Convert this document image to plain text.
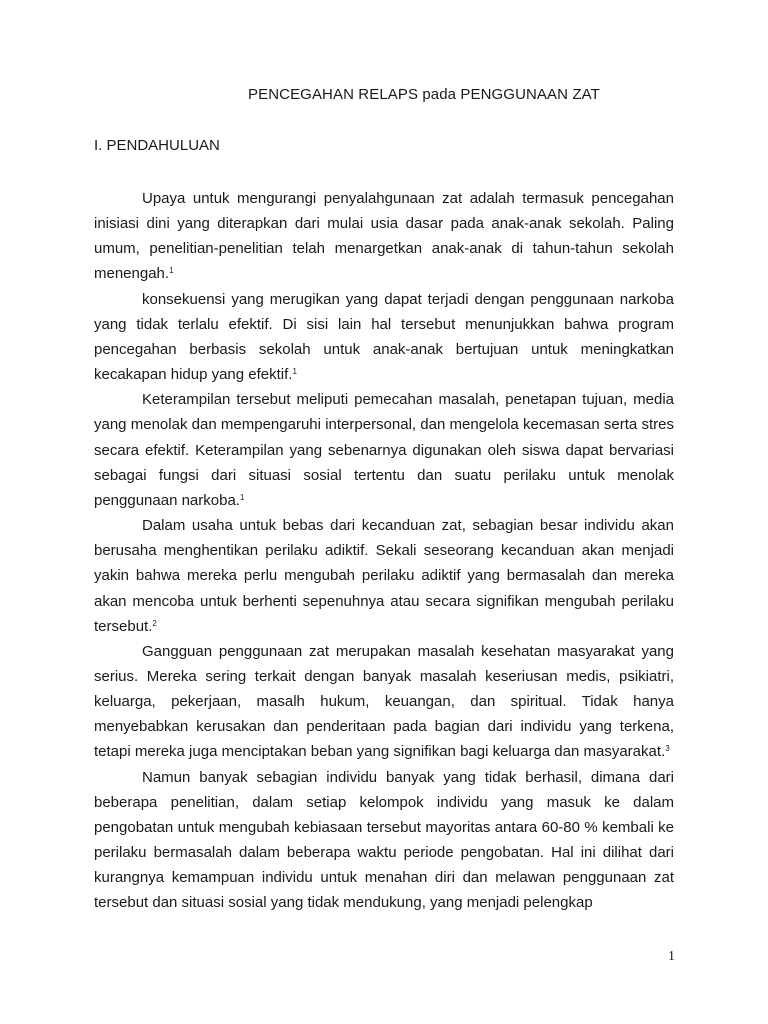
PENCEGAHAN RELAPS pada PENGGUNAAN ZAT
I. PENDAHULUAN

Upaya untuk mengurangi penyalahgunaan zat adalah termasuk pencegahan inisiasi dini yang diterapkan dari mulai usia dasar pada anak-anak sekolah. Paling umum, penelitian-penelitian telah menargetkan anak-anak di tahun-tahun sekolah menengah.$^1$

konsekuensi yang merugikan yang dapat terjadi dengan penggunaan narkoba yang tidak terlalu efektif. Di sisi lain hal tersebut menunjukkan bahwa program pencegahan berbasis sekolah untuk anak-anak bertujuan untuk meningkatkan kecakapan hidup yang efektif.$^1$

Keterampilan tersebut meliputi pemecahan masalah, penetapan tujuan, media yang menolak dan mempengaruhi interpersonal, dan mengelola kecemasan serta stres secara efektif. Keterampilan yang sebenarnya digunakan oleh siswa dapat bervariasi sebagai fungsi dari situasi sosial tertentu dan suatu perilaku untuk menolak penggunaan narkoba.$^1$

Dalam usaha untuk bebas dari kecanduan zat, sebagian besar individu akan berusaha menghentikan perilaku adiktif. Sekali seseorang kecanduan akan menjadi yakin bahwa mereka perlu mengubah perilaku adiktif yang bermasalah dan mereka akan mencoba untuk berhenti sepenuhnya atau secara signifikan mengubah perilaku tersebut.$^2$

Gangguan penggunaan zat merupakan masalah kesehatan masyarakat yang serius. Mereka sering terkait dengan banyak masalah keseriusan medis, psikiatri, keluarga, pekerjaan, masalh hukum, keuangan, dan spiritual. Tidak hanya menyebabkan kerusakan dan penderitaan pada bagian dari individu yang terkena, tetapi mereka juga menciptakan beban yang signifikan bagi keluarga dan masyarakat.$^3$

Namun banyak sebagian individu banyak yang tidak berhasil, dimana dari beberapa penelitian, dalam setiap kelompok individu yang masuk ke dalam pengobatan untuk mengubah kebiasaan tersebut mayoritas antara 60-80 % kembali ke perilaku bermasalah dalam beberapa waktu periode pengobatan. Hal ini dilihat dari kurangnya kemampuan individu untuk menahan diri dan melawan penggunaan zat tersebut dan situasi sosial yang tidak mendukung, yang menjadi pelengkap

1
